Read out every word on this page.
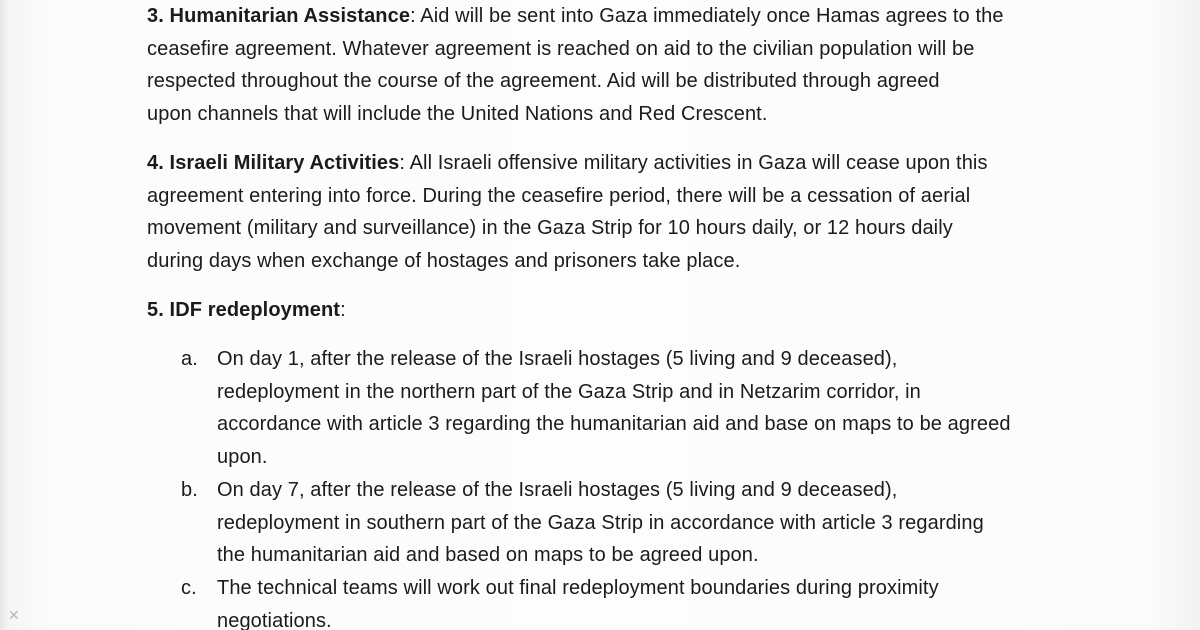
3. Humanitarian Assistance: Aid will be sent into Gaza immediately once Hamas agrees to the
ceasefire agreement. Whatever agreement is reached on aid to the civilian population will be
respected throughout the course of the agreement. Aid will be distributed through agreed
upon channels that will include the United Nations and Red Crescent.

4. Israeli Military Activities: All Israeli offensive military activities in Gaza will cease upon this
agreement entering into force. During the ceasefire period, there will be a cessation of aerial
movement (military and surveillance) in the Gaza Strip for 10 hours daily, or 12 hours daily
during days when exchange of hostages and prisoners take place.

5. IDF redeployment:

a. On day 1, after the release of the Israeli hostages (5 living and 9 deceased),
redeployment in the northern part of the Gaza Strip and in Netzarim corridor, in
accordance with article 3 regarding the humanitarian aid and base on maps to be agreed
upon.
b. On day 7, after the release of the Israeli hostages (5 living and 9 deceased),
redeployment in southern part of the Gaza Strip in accordance with article 3 regarding
the humanitarian aid and based on maps to be agreed upon.
c. The technical teams will work out final redeployment boundaries during proximity
negotiations.
✕
